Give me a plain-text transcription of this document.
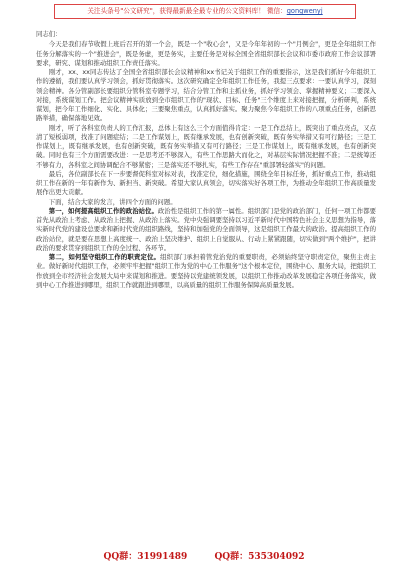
关注头条号"公文研究"，获得最新最全最专业的公文资料库！ 微信：gongwenyj

同志们：

今天是我们春节收假上班后召开的第一个会，既是一个"收心会"，又是今年年初的一个"月例会"，更是全年组织工作任务分解落实的一个"推进会"，既是务虚，更是务实，主要任务是对标全国全省组织部长会议和市委市政府工作会议部署要求，研究、谋划和推动组织工作责任落实。

刚才，xx、xx同志传达了全国全省组织部长会议精神和xx书记关于组织工作的重要指示，这是我们抓好今年组织工作的遵循，我们要认真学习领会，抓好贯彻落实。这次研究确定全年组织工作任务，我提三点要求：一要认真学习，深刻领会精神。各分管副部长要组织分管科室专题学习，结合分管工作和主抓业务，抓好学习领会、掌握精神要义；二要深入对接，系统谋划工作。把会议精神实质放到全市组织工作的"现状、目标、任务"三个维度上来对接把握，分析研判，系统谋划，把今年工作细化、实化、具体化；三要聚焦重点，认真抓好落实。聚力聚焦今年组织工作的八项重点任务，创新思路举措，确保落地见效。

刚才，听了各科室负责人的工作汇报，总体上有这么三个方面值得肯定：一是工作总结上，既突出了重点亮点，又点清了短板弱项，找准了问题症结；二是工作谋划上，既有继承发展，也有创新突破，既有务实举措又有可行路径；三是工作谋划上，既有继承发展，也有创新突破，既有务实举措又有可行路径；三是工作谋划上，既有继承发展，也有创新突破。同时也有三个方面需要改进：一是思考还不够深入，有些工作思路大而化之，对基层实际情况把握不准；二是统筹还不够有力，各科室之间协调配合不够紧密；三是落实还不够扎实，有些工作存在"重部署轻落实"的问题。

最后，各位副部长在下一步要督促科室对标对表，找准定位，细化措施，围绕全年目标任务，抓好重点工作，推动组织工作在新的一年有新作为、新担当、新突破。希望大家认真领会，切实落实好各项工作，为推动全年组织工作高质量发展作出更大贡献。

下面，结合大家的发言，讲四个方面的问题。

第一，如何提高组织工作的政治站位。政治性是组织工作的第一属性。组织部门是党的政治部门，任何一项工作都要首先从政治上考虑、从政治上把握、从政治上落实。党中央强调要坚持以习近平新时代中国特色社会主义思想为指导，落实新时代党的建设总要求和新时代党的组织路线，坚持和加强党的全面领导，这是组织工作最大的政治。提高组织工作的政治站位，就是要在思想上高度统一、政治上坚决维护、组织上自觉服从、行动上紧紧跟随，切实做到"两个维护"，把讲政治的要求贯穿到组织工作的全过程、各环节。

第二，如何坚守组织工作的职责定位。组织部门承担着管党治党的重要职责，必须始终坚守职责定位，聚焦主责主业。做好新时代组织工作，必须牢牢把握"组织工作为党的中心工作服务"这个根本定位，围绕中心、服务大局，把组织工作放到全市经济社会发展大局中来谋划和推进。要坚持以党建统领发展，以组织工作推动改革发展稳定各项任务落实，做到中心工作推进到哪里，组织工作就跟进到哪里，以高质量的组织工作服务保障高质量发展。

QQ群：31991489	QQ群：535304092
